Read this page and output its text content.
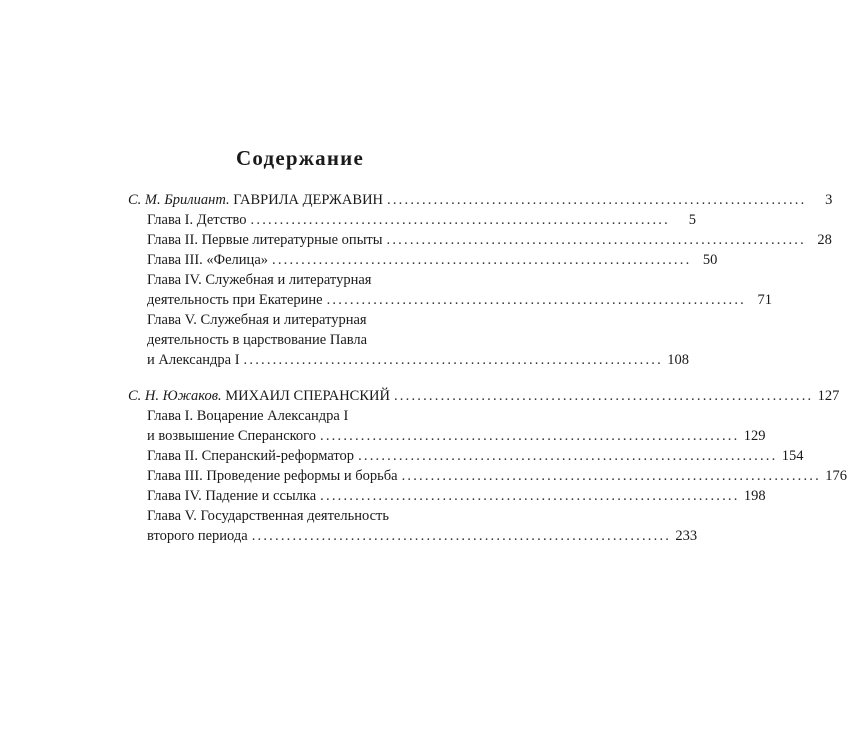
Содержание
С. М. Брилиант. ГАВРИЛА ДЕРЖАВИН ........................................................................	3
Глава I. Детство ........................................................................	5
Глава II. Первые литературные опыты ........................................................................ 28
Глава III. «Фелица» ........................................................................ 50
Глава IV. Служебная и литературная
деятельность при Екатерине ........................................................................ 71
Глава V. Служебная и литературная
деятельность в царствование Павла
и Александра I ........................................................................ 108
С. Н. Южаков. МИХАИЛ СПЕРАНСКИЙ ........................................................................ 127
Глава I. Воцарение Александра I
и возвышение Сперанского ........................................................................ 129
Глава II. Сперанский-реформатор ........................................................................ 154
Глава III. Проведение реформы и борьба ........................................................................ 176
Глава IV. Падение и ссылка ........................................................................ 198
Глава V. Государственная деятельность
второго периода ........................................................................ 233
